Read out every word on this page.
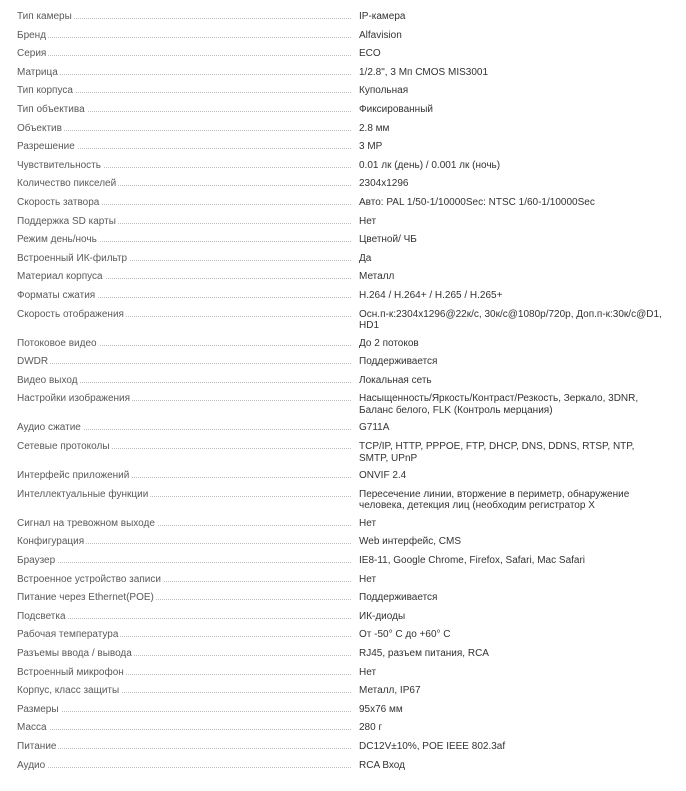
Тип камеры	IP-камера
Бренд	Alfavision
Серия	ECO
Матрица	1/2.8", 3 Мп CMOS MIS3001
Тип корпуса	Купольная
Тип объектива	Фиксированный
Объектив	2.8 мм
Разрешение	3 MP
Чувствительность	0.01 лк (день) / 0.001 лк (ночь)
Количество пикселей	2304x1296
Скорость затвора	Авто: PAL 1/50-1/10000Sec: NTSC 1/60-1/10000Sec
Поддержка SD карты	Нет
Режим день/ночь	Цветной/ ЧБ
Встроенный ИК-фильтр	Да
Материал корпуса	Металл
Форматы сжатия	H.264 / H.264+ / H.265 / H.265+
Скорость отображения	Осн.п-к:2304x1296@22к/с, 30к/с@1080p/720p, Доп.п-к:30к/с@D1, HD1
Потоковое видео	До 2 потоков
DWDR	Поддерживается
Видео выход	Локальная сеть
Настройки изображения	Насыщенность/Яркость/Контраст/Резкость, Зеркало, 3DNR, Баланс белого, FLK (Контроль мерцания)
Аудио сжатие	G711A
Сетевые протоколы	TCP/IP, HTTP, PPPOE, FTP, DHCP, DNS, DDNS, RTSP, NTP, SMTP, UPnP
Интерфейс приложений	ONVIF 2.4
Интеллектуальные функции	Пересечение линии, вторжение в периметр, обнаружение человека, детекция лиц (необходим регистратор X
Сигнал на тревожном выходе	Нет
Конфигурация	Web интерфейс, CMS
Браузер	IE8-11, Google Chrome, Firefox, Safari, Mac Safari
Встроенное устройство записи	Нет
Питание через Ethernet(POE)	Поддерживается
Подсветка	ИК-диоды
Рабочая температура	От -50° С до +60° С
Разъемы ввода / вывода	RJ45, разъем питания, RCA
Встроенный микрофон	Нет
Корпус, класс защиты	Металл, IP67
Размеры	95x76 мм
Масса	280 г
Питание	DC12V±10%, POE IEEE 802.3af
Аудио	RCA Вход
